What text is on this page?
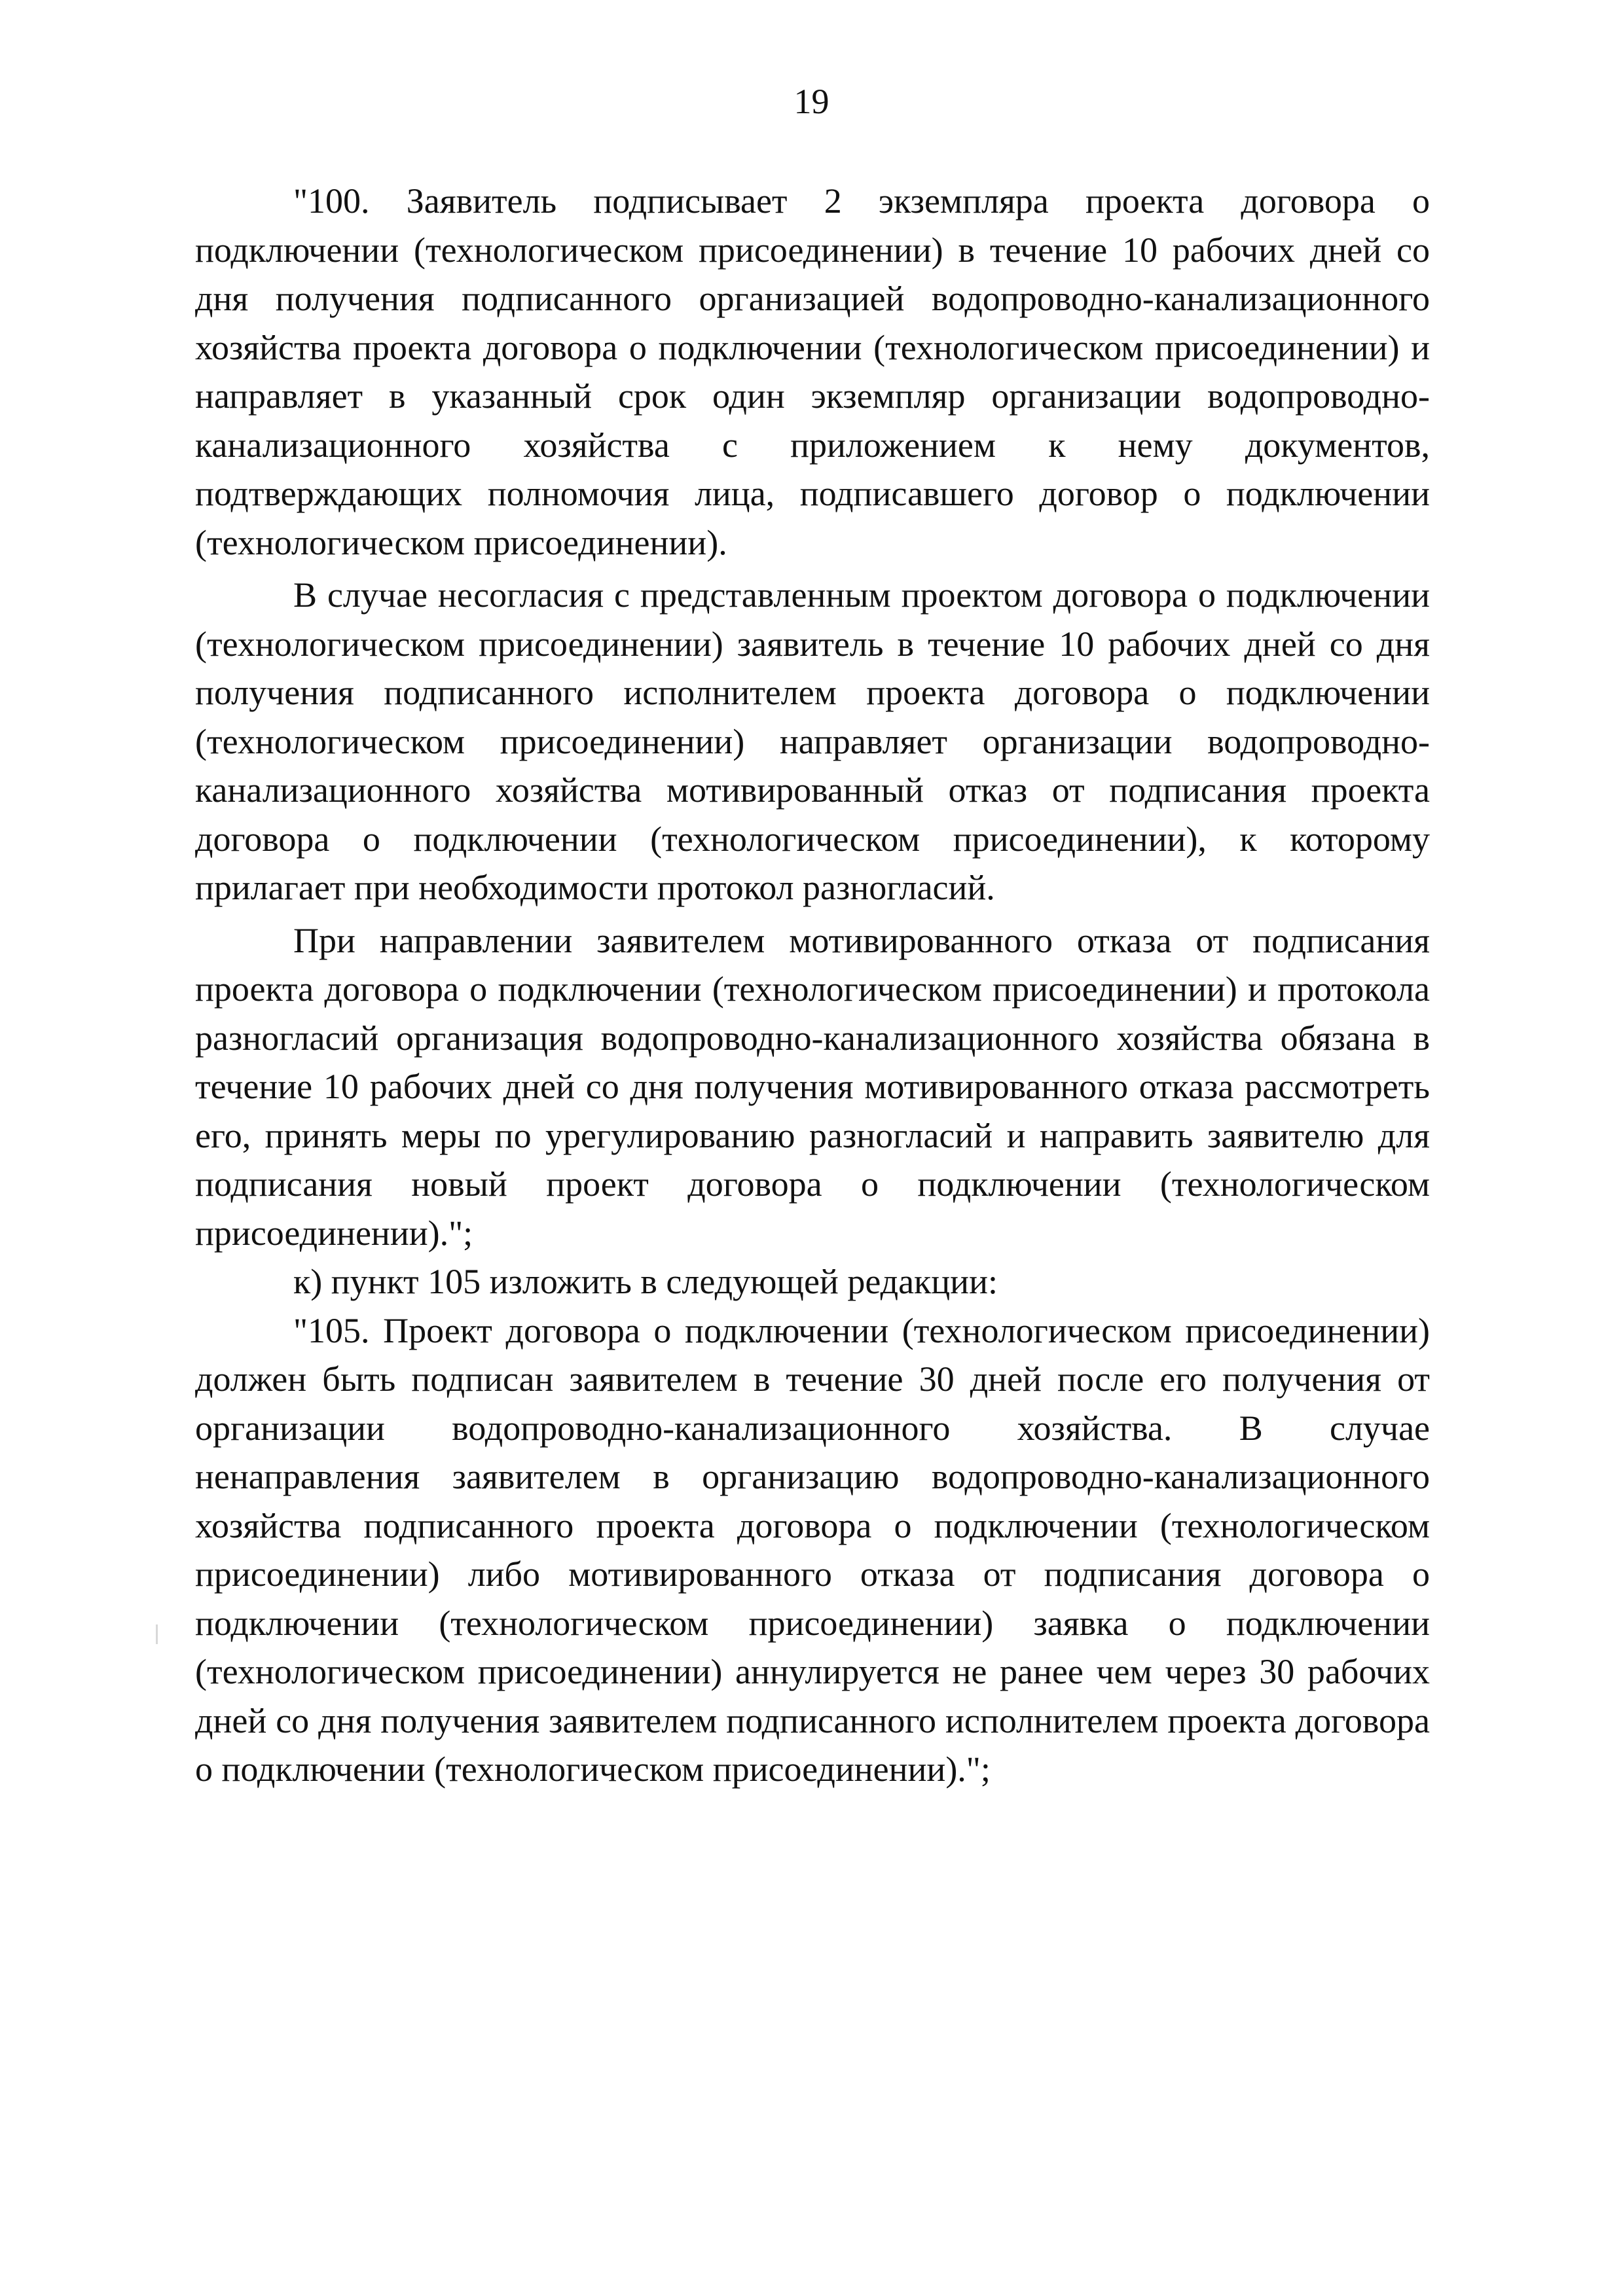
19

"100. Заявитель подписывает 2 экземпляра проекта договора о подключении (технологическом присоединении) в течение 10 рабочих дней со дня получения подписанного организацией водопроводно-канализационного хозяйства проекта договора о подключении (технологическом присоединении) и направляет в указанный срок один экземпляр организации водопроводно-канализационного хозяйства с приложением к нему документов, подтверждающих полномочия лица, подписавшего договор о подключении (технологическом присоединении).

В случае несогласия с представленным проектом договора о подключении (технологическом присоединении) заявитель в течение 10 рабочих дней со дня получения подписанного исполнителем проекта договора о подключении (технологическом присоединении) направляет организации водопроводно-канализационного хозяйства мотивированный отказ от подписания проекта договора о подключении (технологическом присоединении), к которому прилагает при необходимости протокол разногласий.

При направлении заявителем мотивированного отказа от подписания проекта договора о подключении (технологическом присоединении) и протокола разногласий организация водопроводно-канализационного хозяйства обязана в течение 10 рабочих дней со дня получения мотивированного отказа рассмотреть его, принять меры по урегулированию разногласий и направить заявителю для подписания новый проект договора о подключении (технологическом присоединении).";

к) пункт 105 изложить в следующей редакции:

"105. Проект договора о подключении (технологическом присоединении) должен быть подписан заявителем в течение 30 дней после его получения от организации водопроводно-канализационного хозяйства. В случае ненаправления заявителем в организацию водопроводно-канализационного хозяйства подписанного проекта договора о подключении (технологическом присоединении) либо мотивированного отказа от подписания договора о подключении (технологическом присоединении) заявка о подключении (технологическом присоединении) аннулируется не ранее чем через 30 рабочих дней со дня получения заявителем подписанного исполнителем проекта договора о подключении (технологическом присоединении).";
